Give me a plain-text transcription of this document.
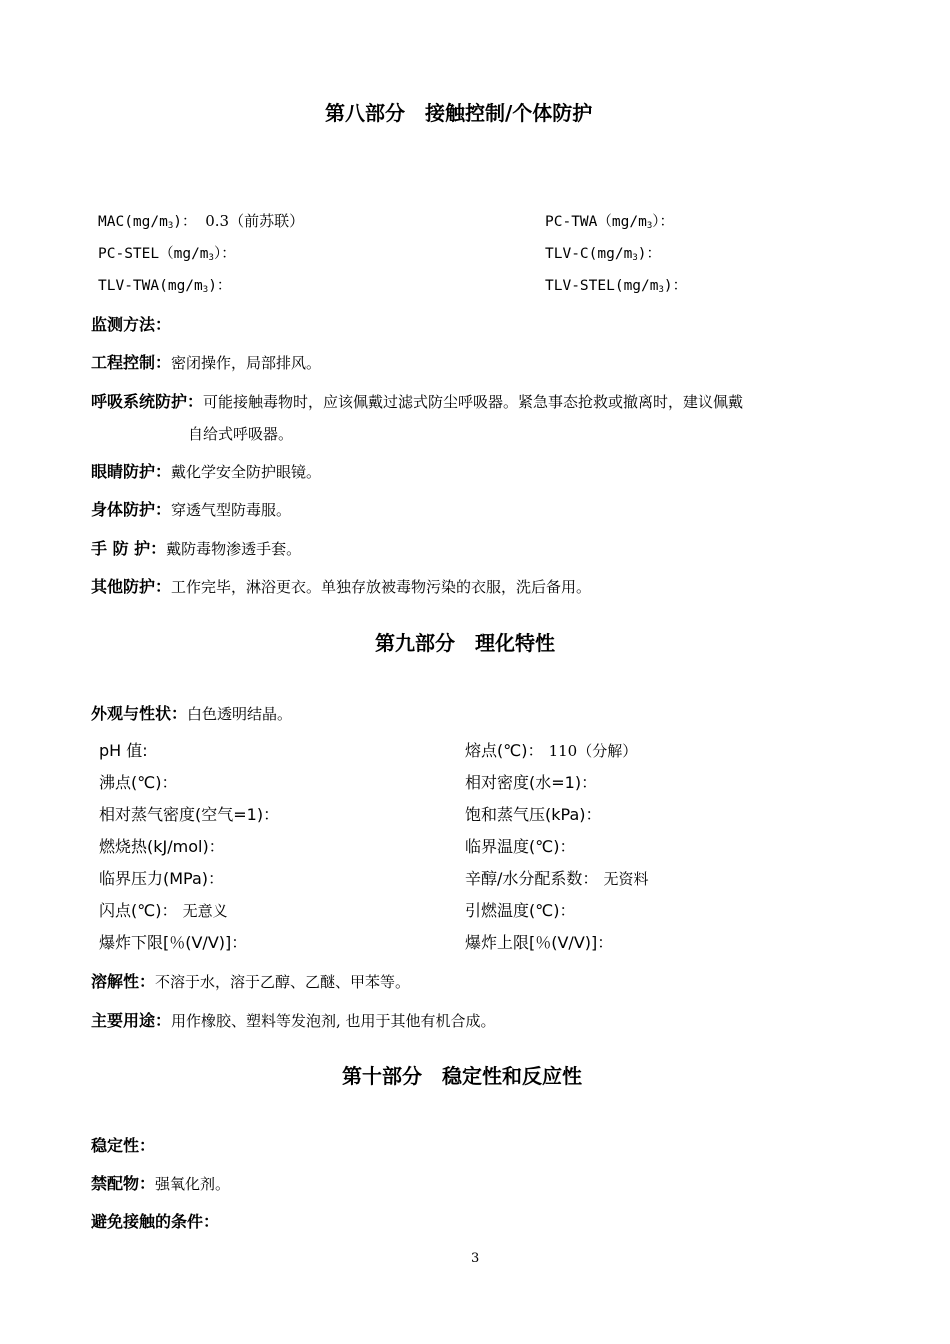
第八部分　接触控制/个体防护
$MAC(mg/m_3)$： 0.3（前苏联）	$PC-TWA(mg/m_3)$：
$PC-STEL(mg/m_3)$：	TLV-$C(mg/m_3)$：
TLV-$TWA(mg/m_3)$：	TLV-$STEL(mg/m_3)$：
监测方法：
工程控制：密闭操作，局部排风。
呼吸系统防护：可能接触毒物时，应该佩戴过滤式防尘呼吸器。紧急事态抢救或撤离时，建议佩戴
自给式呼吸器。
眼睛防护：戴化学安全防护眼镜。
身体防护：穿透气型防毒服。
手 防 护：戴防毒物渗透手套。
其他防护：工作完毕，淋浴更衣。单独存放被毒物污染的衣服，洗后备用。
第九部分　理化特性
外观与性状：白色透明结晶。
pH 值:	熔点(℃)： 110（分解）
沸点(℃)：	相对密度(水=1)：
相对蒸气密度(空气=1)：	饱和蒸气压(kPa)：
燃烧热(kJ/mol)：	临界温度(℃)：
临界压力(MPa)：	辛醇/水分配系数： 无资料
闪点(℃)： 无意义	引燃温度(℃)：
爆炸下限[％(V/V)]：	爆炸上限[％(V/V)]：
溶解性：不溶于水，溶于乙醇、乙醚、甲苯等。
主要用途：用作橡胶、塑料等发泡剂, 也用于其他有机合成。
第十部分　稳定性和反应性
稳定性：
禁配物：强氧化剂。
避免接触的条件：
3
